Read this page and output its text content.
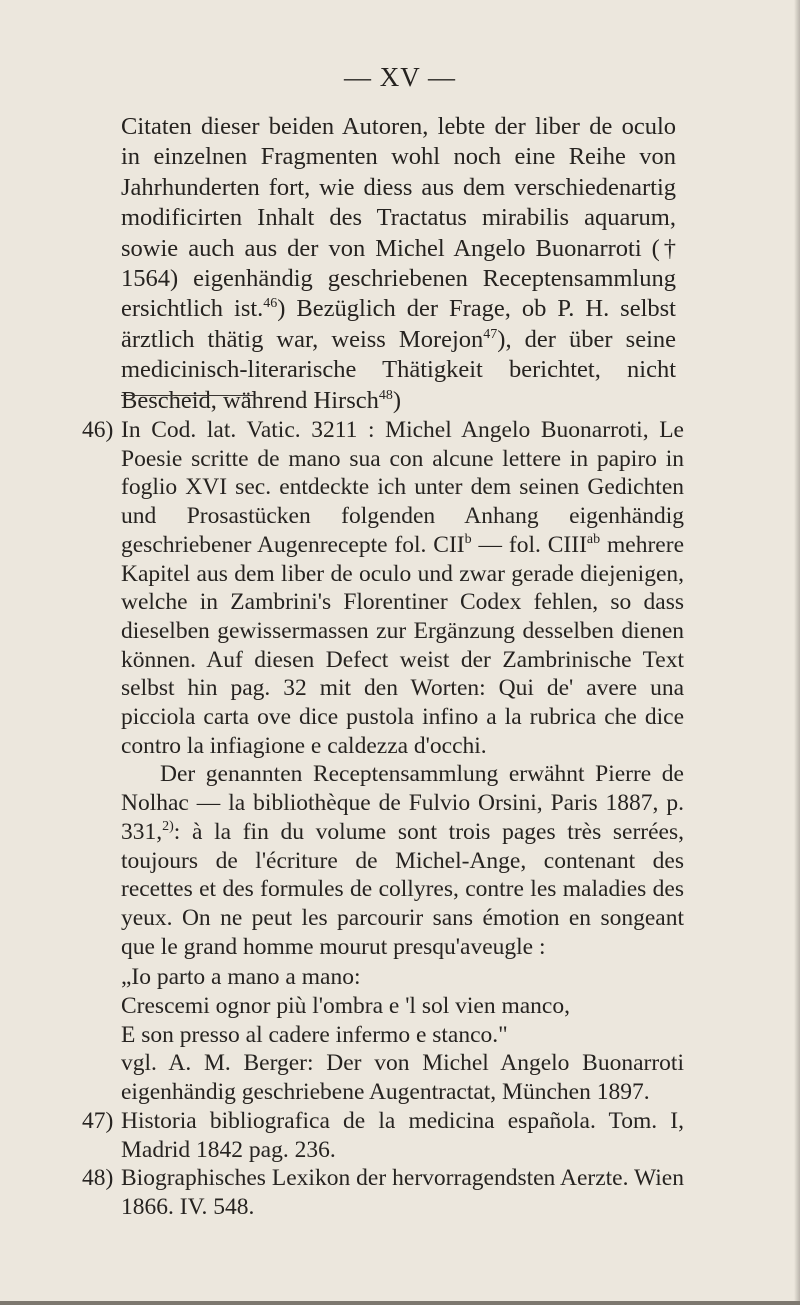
— XV —

Citaten dieser beiden Autoren, lebte der liber de oculo in einzelnen Fragmenten wohl noch eine Reihe von Jahrhunderten fort, wie diess aus dem verschiedenartig modificirten Inhalt des Tractatus mirabilis aquarum, sowie auch aus der von Michel Angelo Buonarroti († 1564) eigenhändig geschriebenen Receptensammlung ersichtlich ist.$^{46}$) Bezüglich der Frage, ob P. H. selbst ärztlich thätig war, weiss Morejon$^{47}$), der über seine medicinisch-literarische Thätigkeit berichtet, nicht Bescheid, während Hirsch$^{48}$)

46) In Cod. lat. Vatic. 3211 : Michel Angelo Buonarroti, Le Poesie scritte de mano sua con alcune lettere in papiro in foglio XVI sec. entdeckte ich unter dem seinen Gedichten und Prosastücken folgenden Anhang eigenhändig geschriebener Augenrecepte fol. CII$^b$ — fol. $CIII^{ab}$ mehrere Kapitel aus dem liber de oculo und zwar gerade diejenigen, welche in Zambrini's Florentiner Codex fehlen, so dass dieselben gewissermassen zur Ergänzung desselben dienen können. Auf diesen Defect weist der Zambrinische Text selbst hin pag. 32 mit den Worten: Qui de' avere una picciola carta ove dice pustola infino a la rubrica che dice contro la infiagione e caldezza d'occhi.

Der genannten Receptensammlung erwähnt Pierre de Nolhac — la bibliothèque de Fulvio Orsini, Paris 1887, p. 331,$^{2)}$: à la fin du volume sont trois pages très serrées, toujours de l'écriture de Michel-Ange, contenant des recettes et des formules de collyres, contre les maladies des yeux. On ne peut les parcourir sans émotion en songeant que le grand homme mourut presqu'aveugle :

„Io parto a mano a mano:
Crescemi ognor più l'ombra e 'l sol vien manco,
E son presso al cadere infermo e stanco."

vgl. A. M. Berger: Der von Michel Angelo Buonarroti eigenhändig geschriebene Augentractat, München 1897.

47) Historia bibliografica de la medicina española. Tom. I, Madrid 1842 pag. 236.
48) Biographisches Lexikon der hervorragendsten Aerzte. Wien 1866. IV. 548.
